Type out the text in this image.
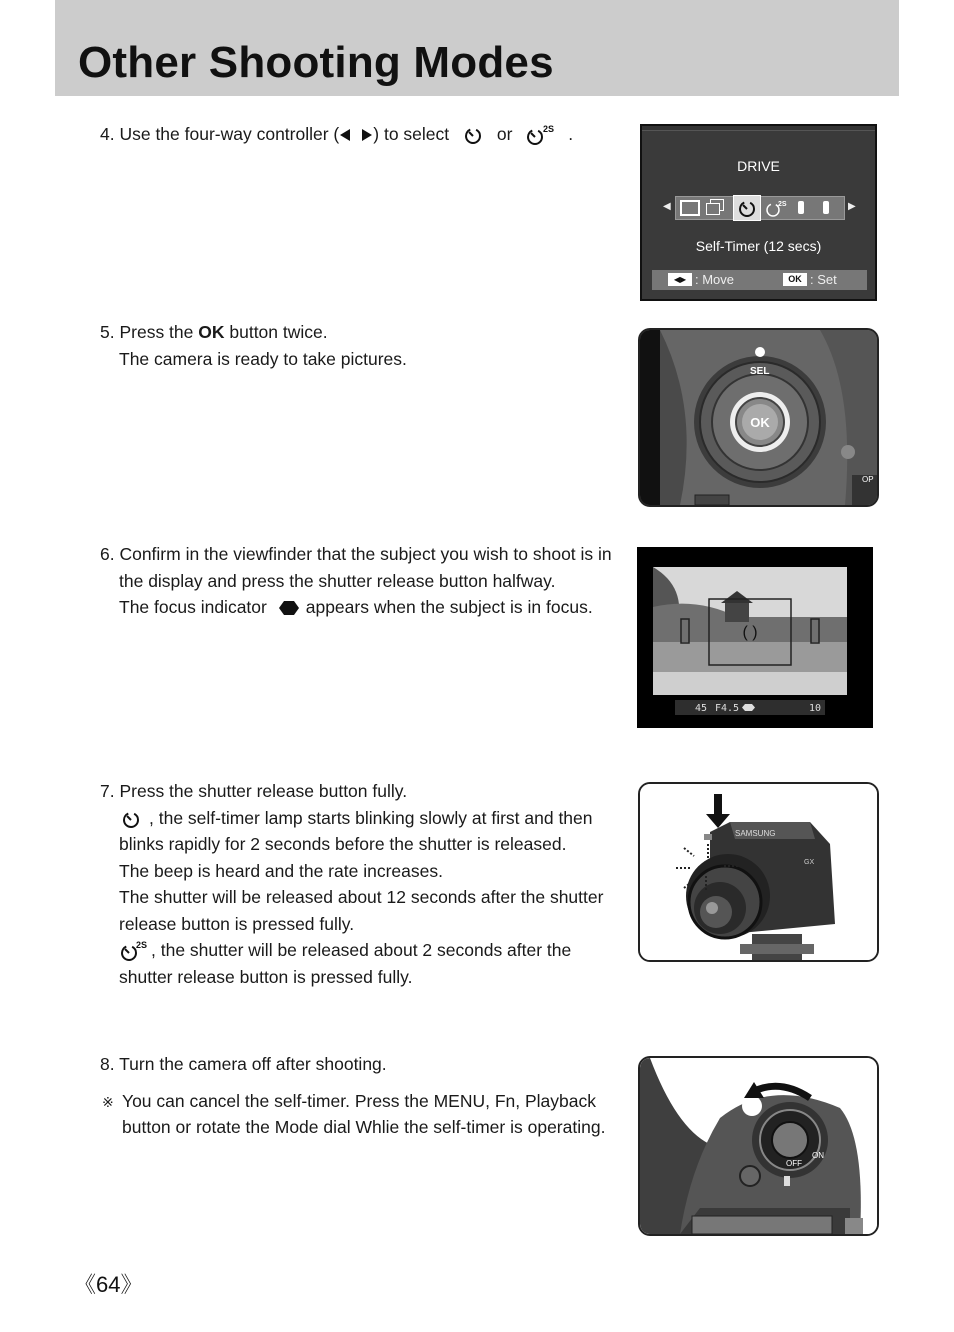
Other Shooting Modes
4. Use the four-way controller ( ) to select	or	2S .
DRIVE
◀	▶
2S
Self-Timer (12 secs)
◀▶ : Move	OK : Set
5. Press the OK button twice.
The camera is ready to take pictures.
OK
SEL
OP
6. Confirm in the viewfinder that the subject you wish to shoot is in
the display and press the shutter release button halfway.
The focus indicator appears when the subject is in focus.
( )
45 F4.5	10
7. Press the shutter release button fully.
, the self-timer lamp starts blinking slowly at first and then
blinks rapidly for 2 seconds before the shutter is released.
The beep is heard and the rate increases.
The shutter will be released about 12 seconds after the shutter
release button is pressed fully.
2S , the shutter will be released about 2 seconds after the
shutter release button is pressed fully.
SAMSUNG
GX
8. Turn the camera off after shooting.
※ You can cancel the self-timer. Press the MENU, Fn, Playback
button or rotate the Mode dial Whlie the self-timer is operating.
OFF
ON
《64》
